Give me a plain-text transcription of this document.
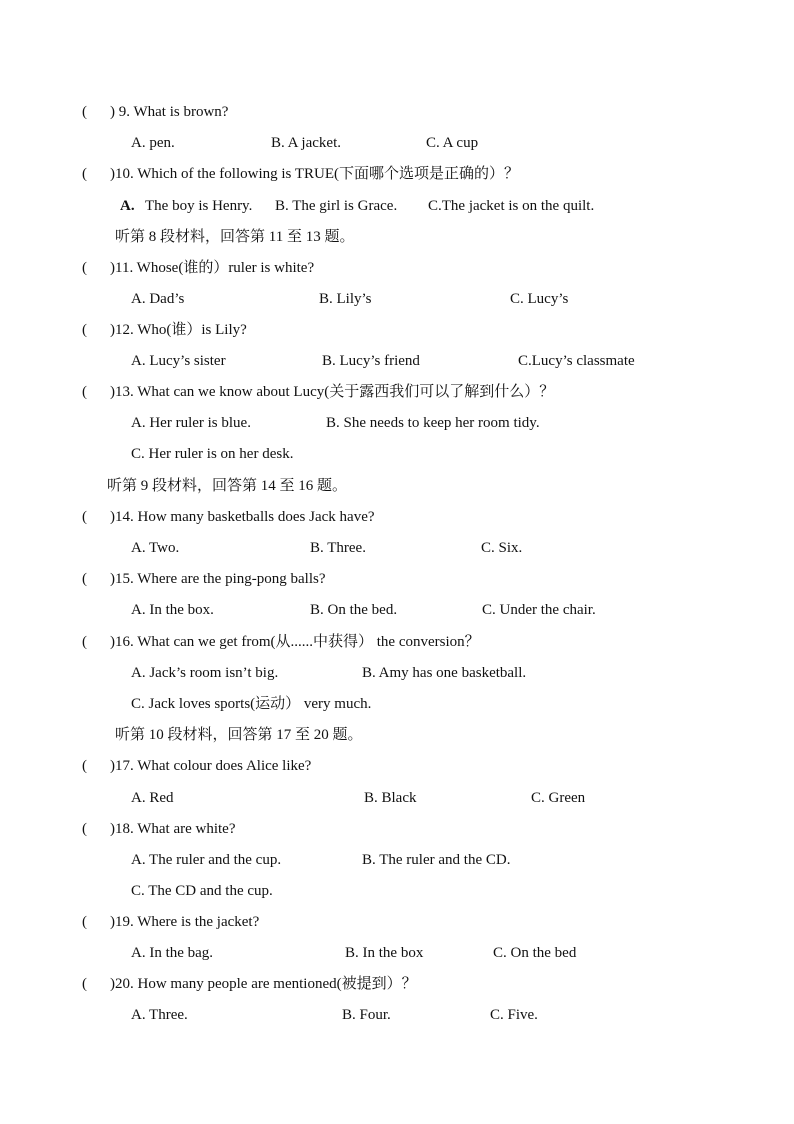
( ) 9. What is brown?
A. pen.	B. A jacket.	C. A cup
( )10. Which of the following is TRUE(下面哪个选项是正确的）？
A. The boy is Henry. B. The girl is Grace. C.The jacket is on the quilt.
听第 8 段材料，回答第 11 至 13 题。
( )11. Whose(谁的）ruler is white?
A. Dad’s	B. Lily’s	C. Lucy’s
( )12. Who(谁）is Lily?
A. Lucy’s sister	B. Lucy’s friend	C.Lucy’s classmate
( )13. What can we know about Lucy(关于露西我们可以了解到什么）？
A. Her ruler is blue.	B. She needs to keep her room tidy.
C. Her ruler is on her desk.
听第 9 段材料，回答第 14 至 16 题。
( )14. How many basketballs does Jack have?
A. Two.	B. Three.	C. Six.
( )15. Where are the ping-pong balls?
A. In the box.	B. On the bed.	C. Under the chair.
( )16. What can we get from(从......中获得） the conversion？
A. Jack’s room isn’t big.	B. Amy has one basketball.
C. Jack loves sports(运动） very much.
听第 10 段材料，回答第 17 至 20 题。
( )17. What colour does Alice like?
A. Red	B. Black	C. Green
( )18. What are white?
A. The ruler and the cup.	B. The ruler and the CD.
C. The CD and the cup.
( )19. Where is the jacket?
A. In the bag.	B. In the box	C. On the bed
( )20. How many people are mentioned(被提到）？
A. Three.	B. Four.	C. Five.
